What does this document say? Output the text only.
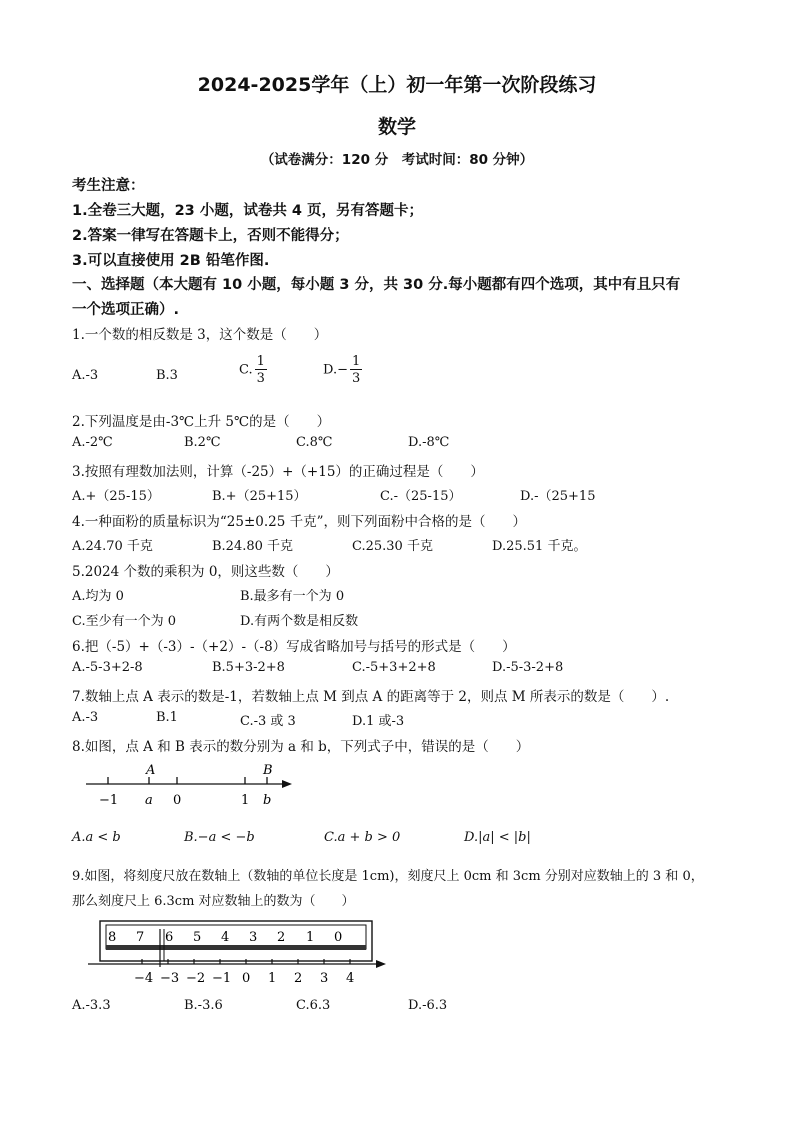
2024-2025学年（上）初一年第一次阶段练习
数学
（试卷满分：120 分　考试时间：80 分钟）
考生注意：
1.全卷三大题，23 小题，试卷共 4 页，另有答题卡；
2.答案一律写在答题卡上，否则不能得分；
3.可以直接使用 2B 铅笔作图.
一、选择题（本大题有 10 小题，每小题 3 分，共 30 分.每小题都有四个选项，其中有且只有
一个选项正确）.
1.一个数的相反数是 3，这个数是（　　）
A.-3	B.3	C. $\frac{1}{3}$	$D.- \frac{1}{3}$
2.下列温度是由-3℃上升 5℃的是（　　）
A.-2℃	B.2℃	C.8℃	D.-8℃
3.按照有理数加法则，计算（-25）+（+15）的正确过程是（　　）
A.+（25-15）	B.+（25+15）	C.-（25-15）	D.-（25+15
4.一种面粉的质量标识为“25±0.25 千克”，则下列面粉中合格的是（　　）
A.24.70 千克	B.24.80 千克	C.25.30 千克	D.25.51 千克。
5.2024 个数的乘积为 0，则这些数（　　）
A.均为 0	B.最多有一个为 0
C.至少有一个为 0	D.有两个数是相反数
6.把（-5）+（-3）-（+2）-（-8）写成省略加号与括号的形式是（　　）
A.-5-3+2-8	B.5+3-2+8	C.-5+3+2+8	D.-5-3-2+8
7.数轴上点 A 表示的数是-1，若数轴上点 M 到点 A 的距离等于 2，则点 M 所表示的数是（　　）.
A.-3	B.1	C.-3 或 3	D.1 或-3
8.如图，点 A 和 B 表示的数分别为 a 和 b，下列式子中，错误的是（　　）
A	B
−1 a 0	1 b
A.a < b	B.−a < −b	C.a + b > 0	D.|a| < |b|
9.如图，将刻度尺放在数轴上（数轴的单位长度是 1cm)，刻度尺上 0cm 和 3cm 分别对应数轴上的 3 和 0，
那么刻度尺上 6.3cm 对应数轴上的数为（　　）
8 7 6 5 4 3 2 1 0
−4 −3 −2 −1 0 1 2 3 4
A.-3.3	B.-3.6	C.6.3	D.-6.3
